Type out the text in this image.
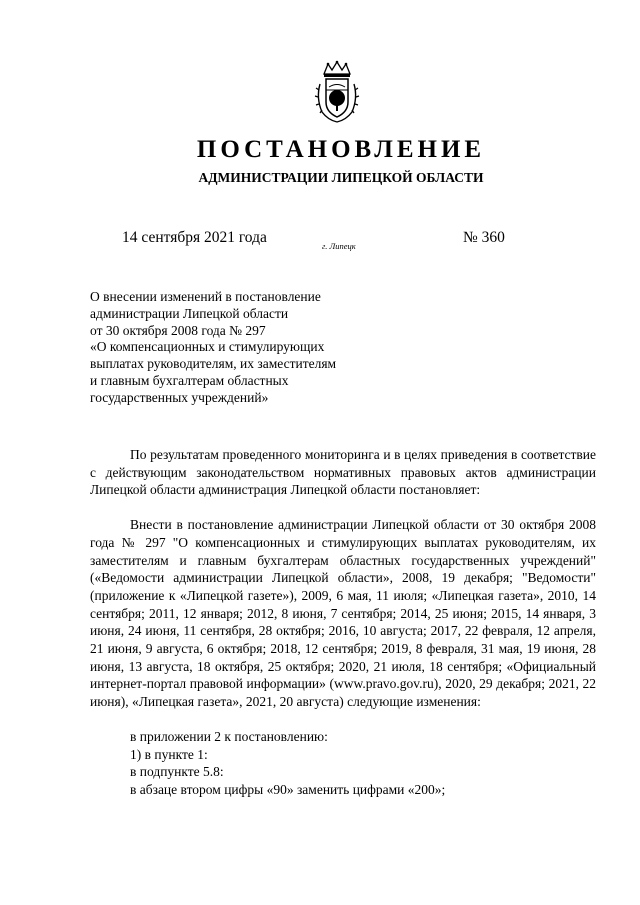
ПОСТАНОВЛЕНИЕ
АДМИНИСТРАЦИИ ЛИПЕЦКОЙ ОБЛАСТИ
14 сентября 2021 года	г. Липецк	№ 360
О внесении изменений в постановление
администрации Липецкой области
от 30 октября 2008 года № 297
«О компенсационных и стимулирующих
выплатах руководителям, их заместителям
и главным бухгалтерам областных
государственных учреждений»

По результатам проведенного мониторинга и в целях приведения в соответствие с действующим законодательством нормативных правовых актов администрации Липецкой области администрация Липецкой области постановляет:

Внести в постановление администрации Липецкой области от 30 октября 2008 года № 297 "О компенсационных и стимулирующих выплатах руководителям, их заместителям и главным бухгалтерам областных государственных учреждений" («Ведомости администрации Липецкой области», 2008, 19 декабря; "Ведомости" (приложение к «Липецкой газете»), 2009, 6 мая, 11 июля; «Липецкая газета», 2010, 14 сентября; 2011, 12 января; 2012, 8 июня, 7 сентября; 2014, 25 июня; 2015, 14 января, 3 июня, 24 июня, 11 сентября, 28 октября; 2016, 10 августа; 2017, 22 февраля, 12 апреля, 21 июня, 9 августа, 6 октября; 2018, 12 сентября; 2019, 8 февраля, 31 мая, 19 июня, 28 июня, 13 августа, 18 октября, 25 октября; 2020, 21 июля, 18 сентября; «Официальный интернет-портал правовой информации» (www.pravo.gov.ru), 2020, 29 декабря; 2021, 22 июня), «Липецкая газета», 2021, 20 августа) следующие изменения:

в приложении 2 к постановлению:

1) в пункте 1:

в подпункте 5.8:

в абзаце втором цифры «90» заменить цифрами «200»;
